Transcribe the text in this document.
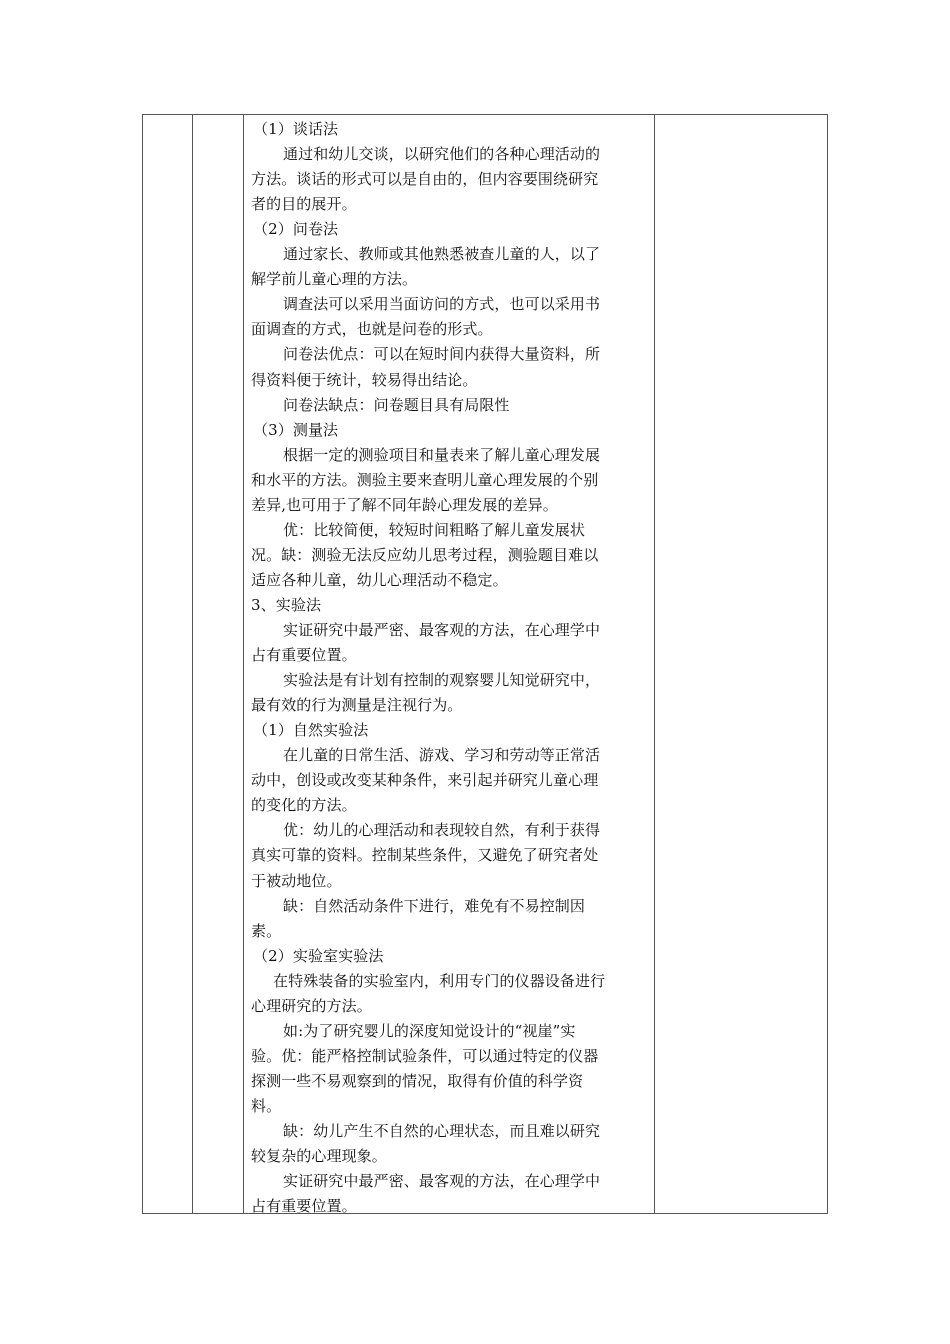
（1）谈话法
通过和幼儿交谈，以研究他们的各种心理活动的
方法。谈话的形式可以是自由的，但内容要围绕研究
者的目的展开。
（2）问卷法
通过家长、教师或其他熟悉被查儿童的人，以了
解学前儿童心理的方法。
调查法可以采用当面访问的方式，也可以采用书
面调查的方式，也就是问卷的形式。
问卷法优点：可以在短时间内获得大量资料，所
得资料便于统计，较易得出结论。
问卷法缺点：问卷题目具有局限性
（3）测量法
根据一定的测验项目和量表来了解儿童心理发展
和水平的方法。测验主要来查明儿童心理发展的个别
差异,也可用于了解不同年龄心理发展的差异。
优：比较简便，较短时间粗略了解儿童发展状
况。缺：测验无法反应幼儿思考过程，测验题目难以
适应各种儿童，幼儿心理活动不稳定。
3、实验法
实证研究中最严密、最客观的方法，在心理学中
占有重要位置。
实验法是有计划有控制的观察婴儿知觉研究中，
最有效的行为测量是注视行为。
（1）自然实验法
在儿童的日常生活、游戏、学习和劳动等正常活
动中，创设或改变某种条件，来引起并研究儿童心理
的变化的方法。
优：幼儿的心理活动和表现较自然，有利于获得
真实可靠的资料。控制某些条件，又避免了研究者处
于被动地位。
缺：自然活动条件下进行，难免有不易控制因
素。
（2）实验室实验法
在特殊装备的实验室内，利用专门的仪器设备进行
心理研究的方法。
如:为了研究婴儿的深度知觉设计的“视崖”实
验。优：能严格控制试验条件，可以通过特定的仪器
探测一些不易观察到的情况，取得有价值的科学资
料。
缺：幼儿产生不自然的心理状态，而且难以研究
较复杂的心理现象。
实证研究中最严密、最客观的方法，在心理学中
占有重要位置。
